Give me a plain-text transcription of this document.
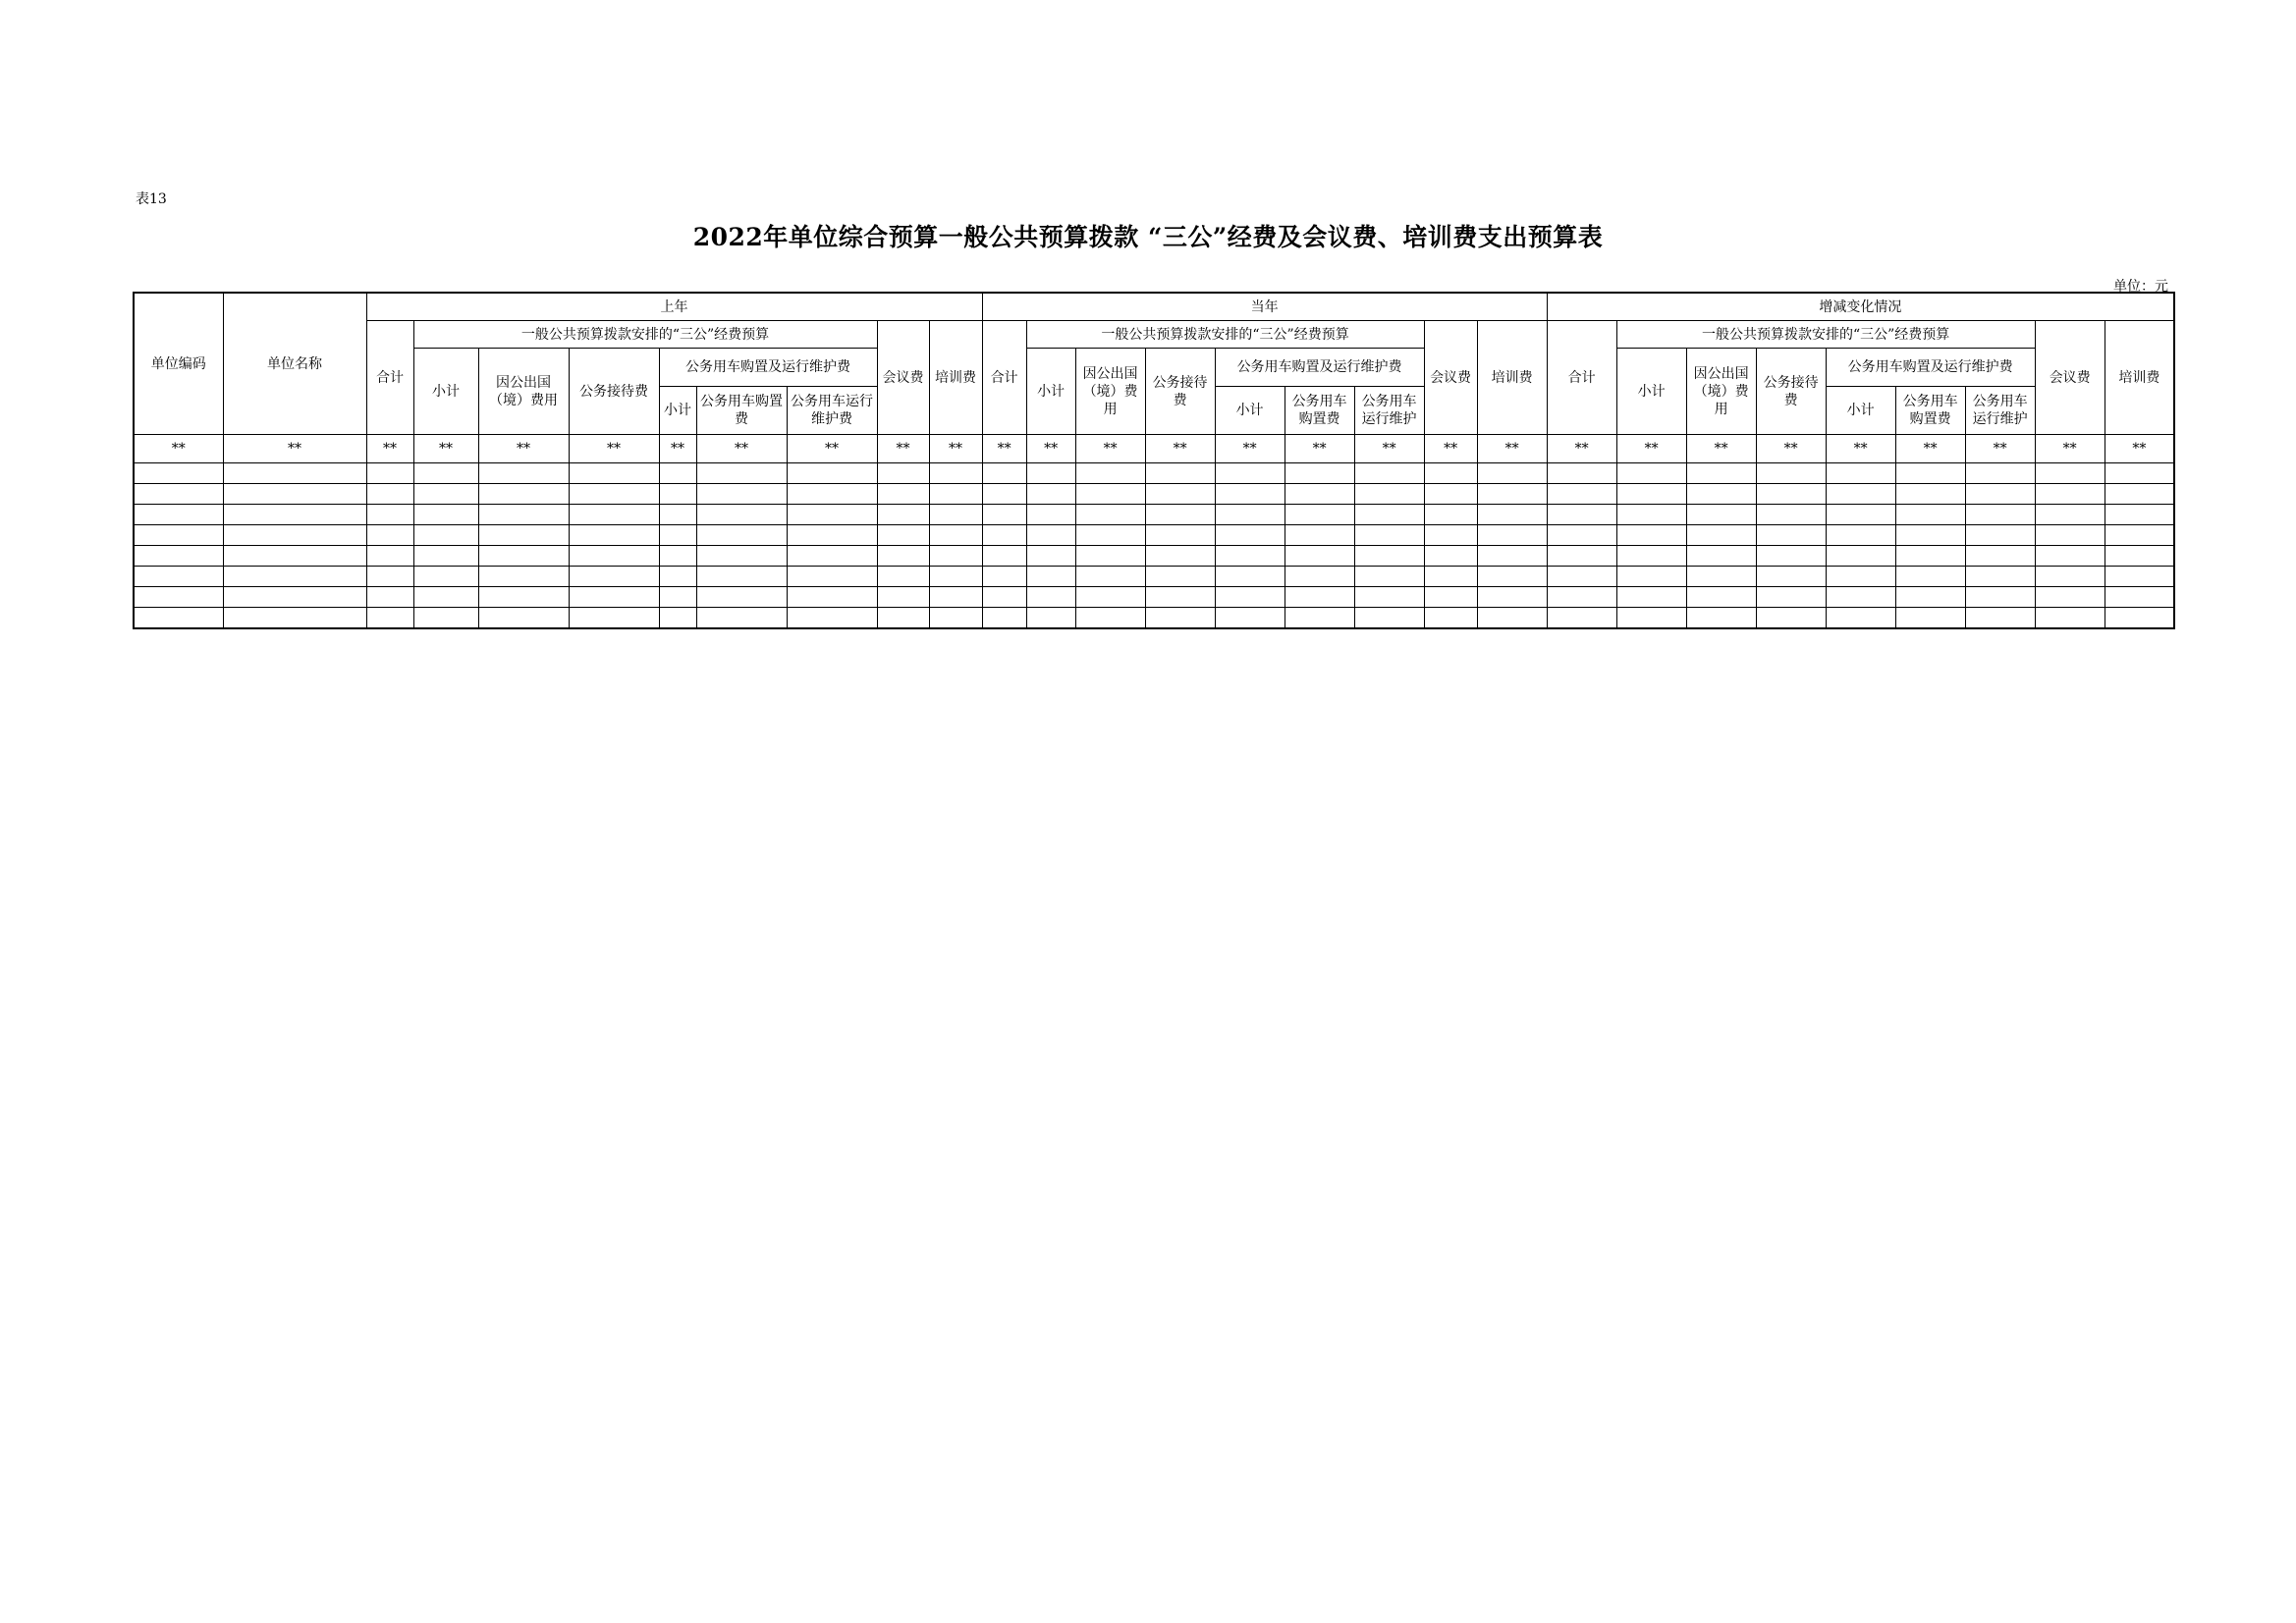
表13
2022年单位综合预算一般公共预算拨款 “三公”经费及会议费、培训费支出预算表
单位：元
单位编码	单位名称	上年									当年									增减变化情况								
		合计	一般公共预算拨款安排的“三公”经费预算						会议费	培训费	合计	一般公共预算拨款安排的“三公”经费预算						会议费	培训费	合计	一般公共预算拨款安排的“三公”经费预算						会议费	培训费
			小计	因公出国（境）费用	公务接待费	公务用车购置及运行维护费						小计	因公出国（境）费用	公务接待费	公务用车购置及运行维护费						小计	因公出国（境）费用	公务接待费	公务用车购置及运行维护费				
						小计	公务用车购置费	公务用车运行维护费							小计	公务用车购置费	公务用车运行维护							小计	公务用车购置费	公务用车运行维护		
**	**	**	**	**	**	**	**	**	**	**	**	**	**	**	**	**	**	**	**	**	**	**	**	**	**	**	**	**
